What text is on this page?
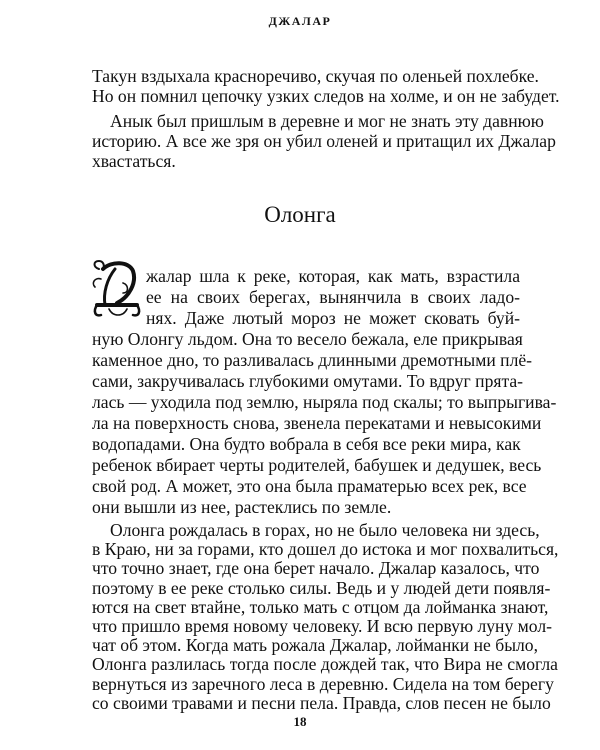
ДЖАЛАР
Такун вздыхала красноречиво, скучая по оленьей похлебке.
Но он помнил цепочку узких следов на холме, и он не забудет.
Анык был пришлым в деревне и мог не знать эту давнюю
историю. А все же зря он убил оленей и притащил их Джалар
хвастаться.
Олонга
жалар шла к реке, которая, как мать, взрастила
ее на своих берегах, вынянчила в своих ладо-
нях. Даже лютый мороз не может сковать буй-
ную Олонгу льдом. Она то весело бежала, еле прикрывая
каменное дно, то разливалась длинными дремотными плё-
сами, закручивалась глубокими омутами. То вдруг прята-
лась — уходила под землю, ныряла под скалы; то выпрыгива-
ла на поверхность снова, звенела перекатами и невысокими
водопадами. Она будто вобрала в себя все реки мира, как
ребенок вбирает черты родителей, бабушек и дедушек, весь
свой род. А может, это она была праматерью всех рек, все
они вышли из нее, растеклись по земле.
Олонга рождалась в горах, но не было человека ни здесь,
в Краю, ни за горами, кто дошел до истока и мог похвалиться,
что точно знает, где она берет начало. Джалар казалось, что
поэтому в ее реке столько силы. Ведь и у людей дети появля-
ются на свет втайне, только мать с отцом да лойманка знают,
что пришло время новому человеку. И всю первую луну мол-
чат об этом. Когда мать рожала Джалар, лойманки не было,
Олонга разлилась тогда после дождей так, что Вира не смогла
вернуться из заречного леса в деревню. Сидела на том берегу
со своими травами и песни пела. Правда, слов песен не было
18
